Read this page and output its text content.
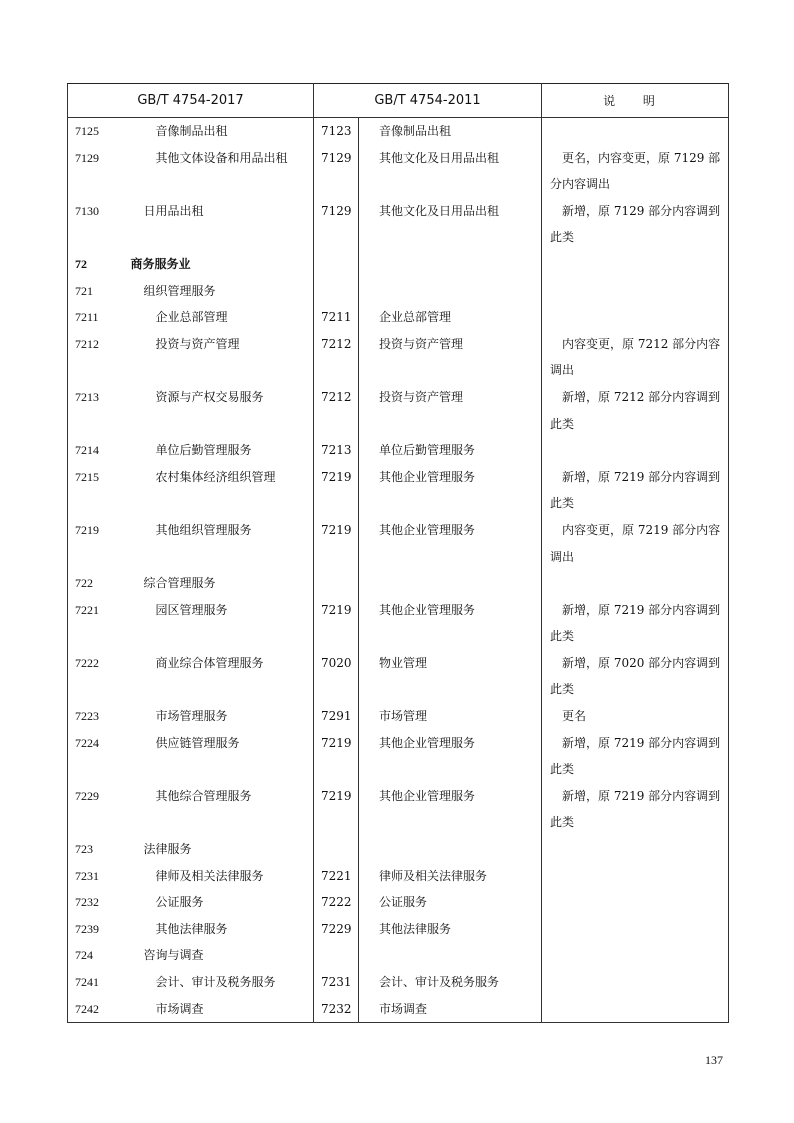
GB/T 4754-2017		GB/T 4754-2011		说 明
7125	音像制品出租	7123	音像制品出租	
7129	其他文体设备和用品出租	7129	其他文化及日用品出租	更名，内容变更，原 7129 部分内容调出
7130	日用品出租	7129	其他文化及日用品出租	新增，原 7129 部分内容调到此类
72	商务服务业			
721	组织管理服务			
7211	企业总部管理	7211	企业总部管理	
7212	投资与资产管理	7212	投资与资产管理	内容变更，原 7212 部分内容调出
7213	资源与产权交易服务	7212	投资与资产管理	新增，原 7212 部分内容调到此类
7214	单位后勤管理服务	7213	单位后勤管理服务	
7215	农村集体经济组织管理	7219	其他企业管理服务	新增，原 7219 部分内容调到此类
7219	其他组织管理服务	7219	其他企业管理服务	内容变更，原 7219 部分内容调出
722	综合管理服务			
7221	园区管理服务	7219	其他企业管理服务	新增，原 7219 部分内容调到此类
7222	商业综合体管理服务	7020	物业管理	新增，原 7020 部分内容调到此类
7223	市场管理服务	7291	市场管理	更名
7224	供应链管理服务	7219	其他企业管理服务	新增，原 7219 部分内容调到此类
7229	其他综合管理服务	7219	其他企业管理服务	新增，原 7219 部分内容调到此类
723	法律服务			
7231	律师及相关法律服务	7221	律师及相关法律服务	
7232	公证服务	7222	公证服务	
7239	其他法律服务	7229	其他法律服务	
724	咨询与调查			
7241	会计、审计及税务服务	7231	会计、审计及税务服务	
7242	市场调查	7232	市场调查	
137
